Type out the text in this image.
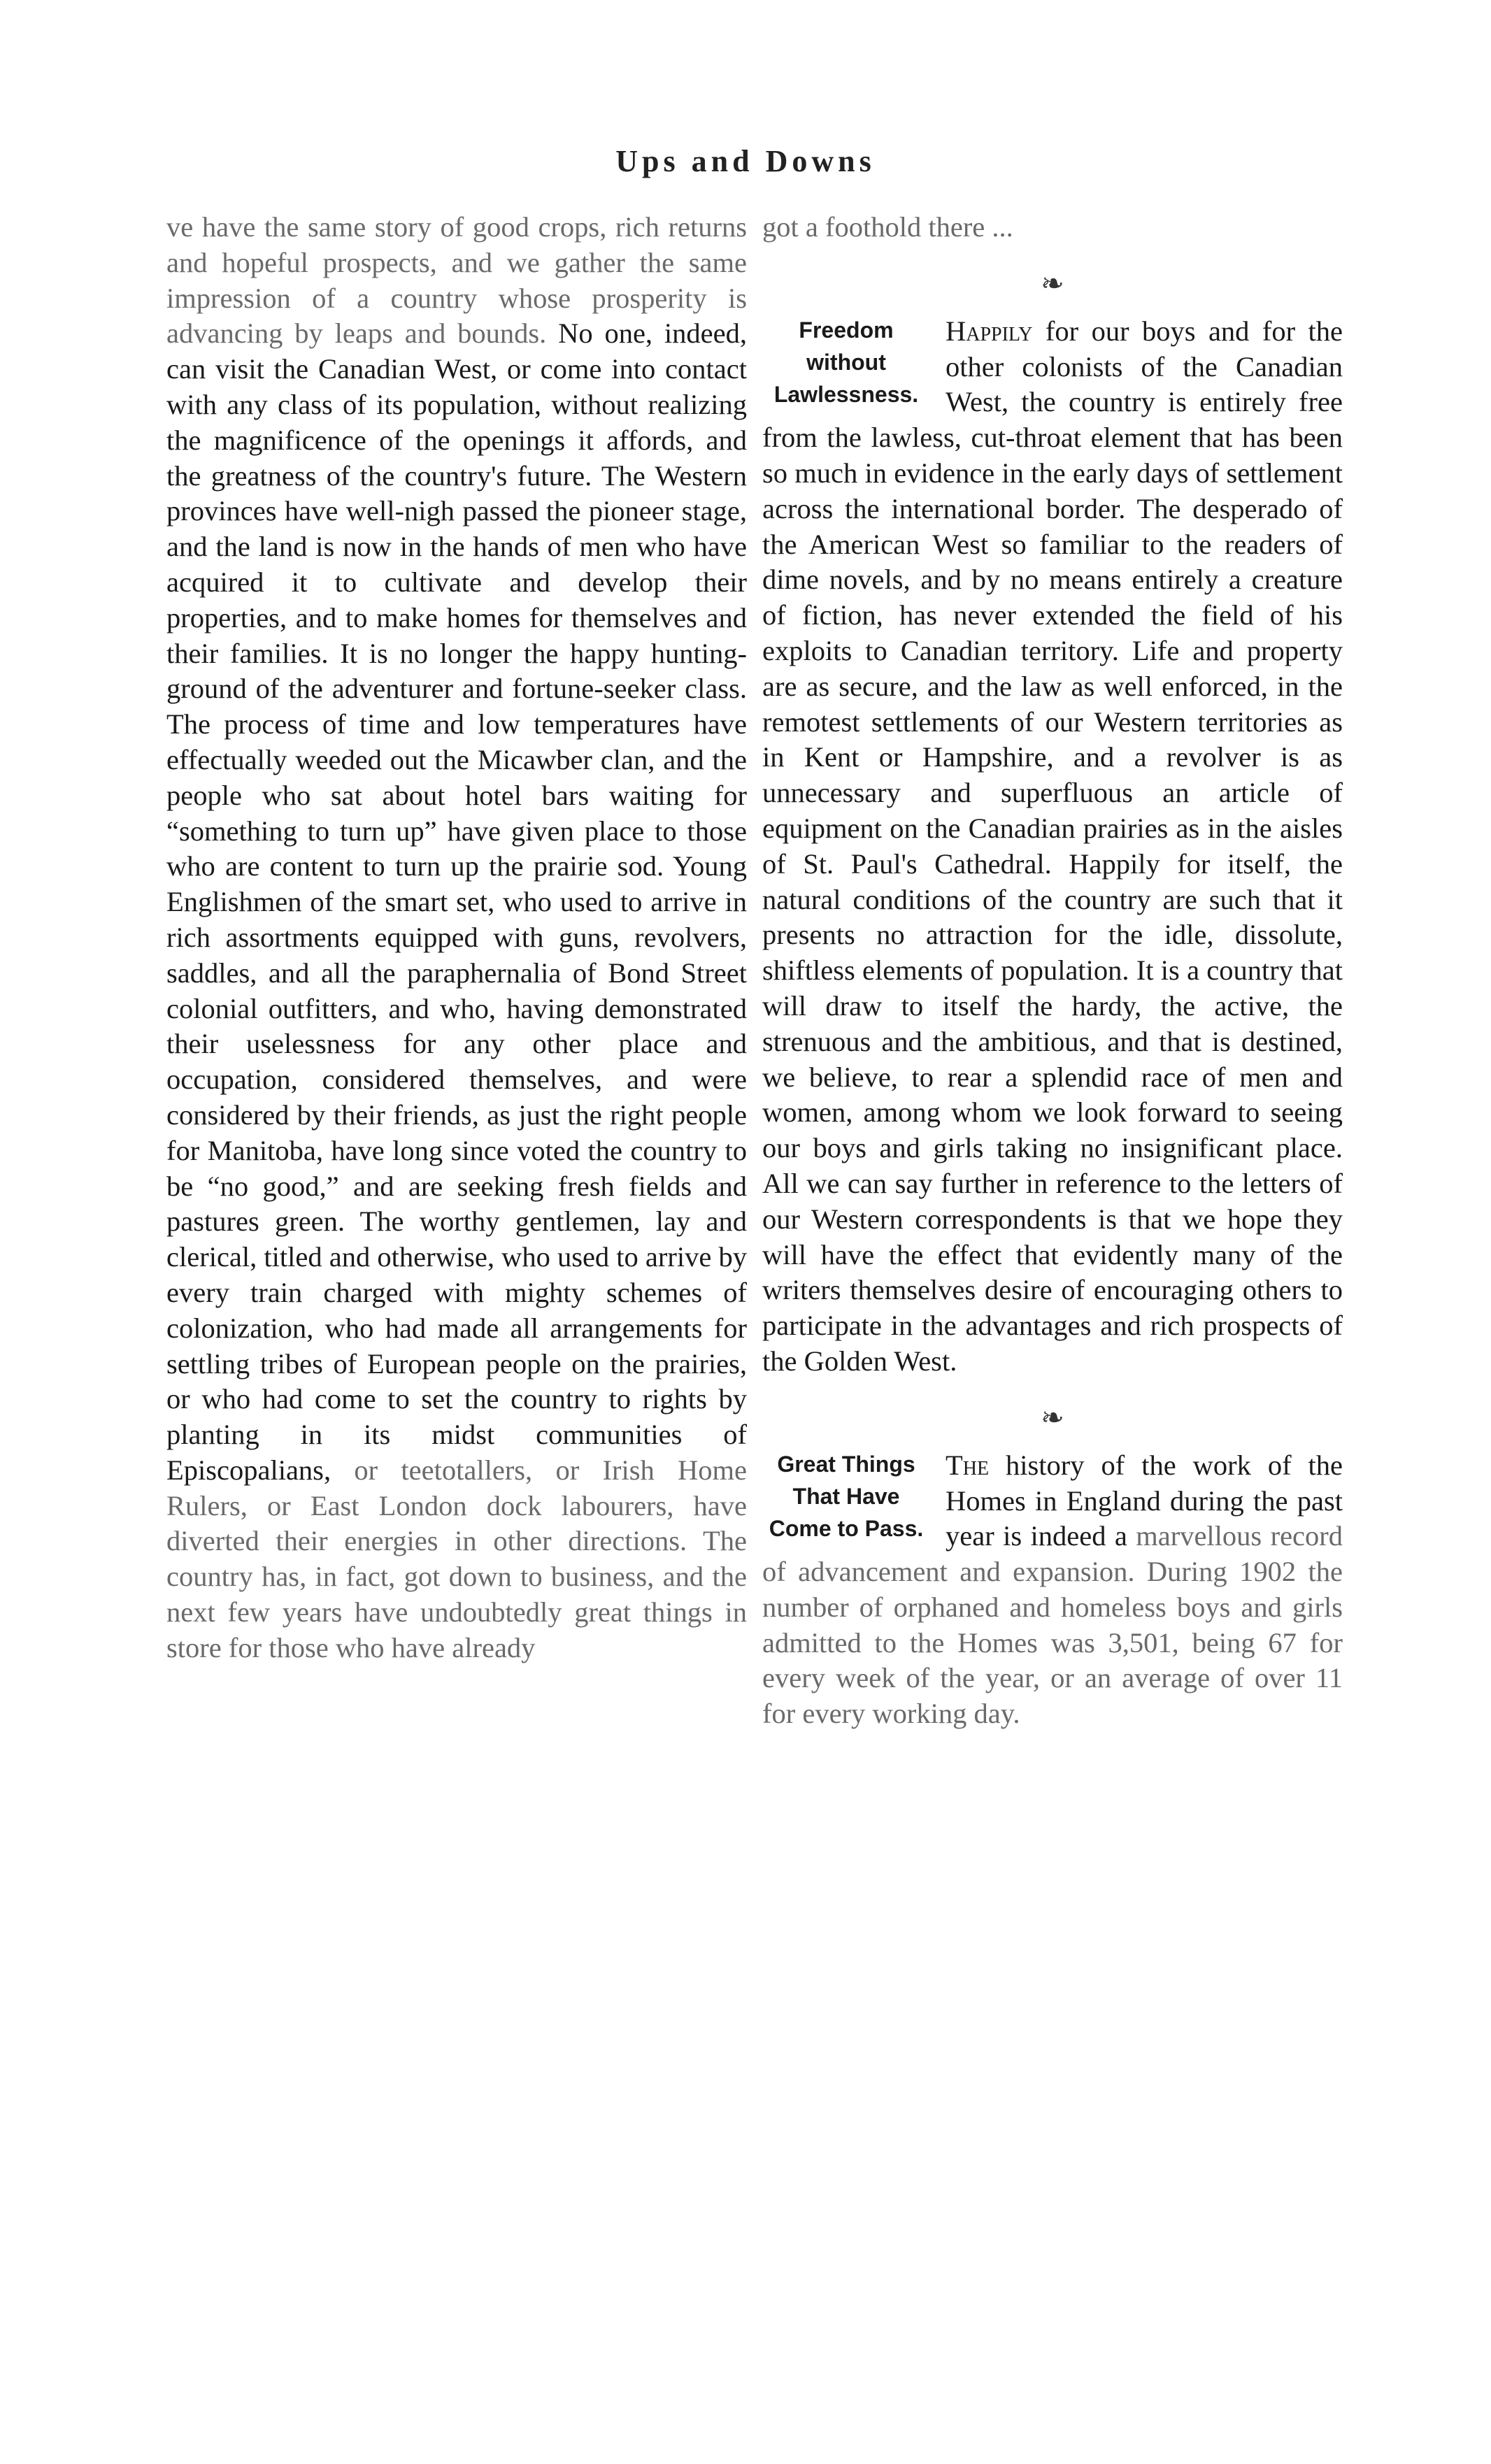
Ups and Downs

ve have the same story of good crops, rich returns and hopeful prospects, and we gather the same impression of a country whose prosperity is advancing by leaps and bounds. No one, indeed, can visit the Canadian West, or come into contact with any class of its population, without realizing the magnificence of the openings it affords, and the greatness of the country's future. The Western provinces have well-nigh passed the pioneer stage, and the land is now in the hands of men who have acquired it to cultivate and develop their properties, and to make homes for themselves and their families. It is no longer the happy hunting-ground of the adventurer and fortune-seeker class. The process of time and low temperatures have effectually weeded out the Micawber clan, and the people who sat about hotel bars waiting for “something to turn up” have given place to those who are content to turn up the prairie sod. Young Englishmen of the smart set, who used to arrive in rich assortments equipped with guns, revolvers, saddles, and all the paraphernalia of Bond Street colonial outfitters, and who, having demonstrated their uselessness for any other place and occupation, considered themselves, and were considered by their friends, as just the right people for Manitoba, have long since voted the country to be “no good,” and are seeking fresh fields and pastures green. The worthy gentlemen, lay and clerical, titled and otherwise, who used to arrive by every train charged with mighty schemes of colonization, who had made all arrangements for settling tribes of European people on the prairies, or who had come to set the country to rights by planting in its midst communities of Episcopalians, or teetotallers, or Irish Home Rulers, or East London dock labourers, have diverted their energies in other directions. The country has, in fact, got down to business, and the next few years have undoubtedly great things in store for those who have already

got a foothold there ...

❧
Freedom without Lawlessness.

Happily for our boys and for the other colonists of the Canadian West, the country is entirely free from the lawless, cut-throat element that has been so much in evidence in the early days of settlement across the international border. The desperado of the American West so familiar to the readers of dime novels, and by no means entirely a creature of fiction, has never extended the field of his exploits to Canadian territory. Life and property are as secure, and the law as well enforced, in the remotest settlements of our Western territories as in Kent or Hampshire, and a revolver is as unnecessary and superfluous an article of equipment on the Canadian prairies as in the aisles of St. Paul's Cathedral. Happily for itself, the natural conditions of the country are such that it presents no attraction for the idle, dissolute, shiftless elements of population. It is a country that will draw to itself the hardy, the active, the strenuous and the ambitious, and that is destined, we believe, to rear a splendid race of men and women, among whom we look forward to seeing our boys and girls taking no insignificant place. All we can say further in reference to the letters of our Western correspondents is that we hope they will have the effect that evidently many of the writers themselves desire of encouraging others to participate in the advantages and rich prospects of the Golden West.

❧
Great Things That Have Come to Pass.

The history of the work of the Homes in England during the past year is indeed a marvellous record of advancement and expansion. During 1902 the number of orphaned and homeless boys and girls admitted to the Homes was 3,501, being 67 for every week of the year, or an average of over 11 for every working day.
